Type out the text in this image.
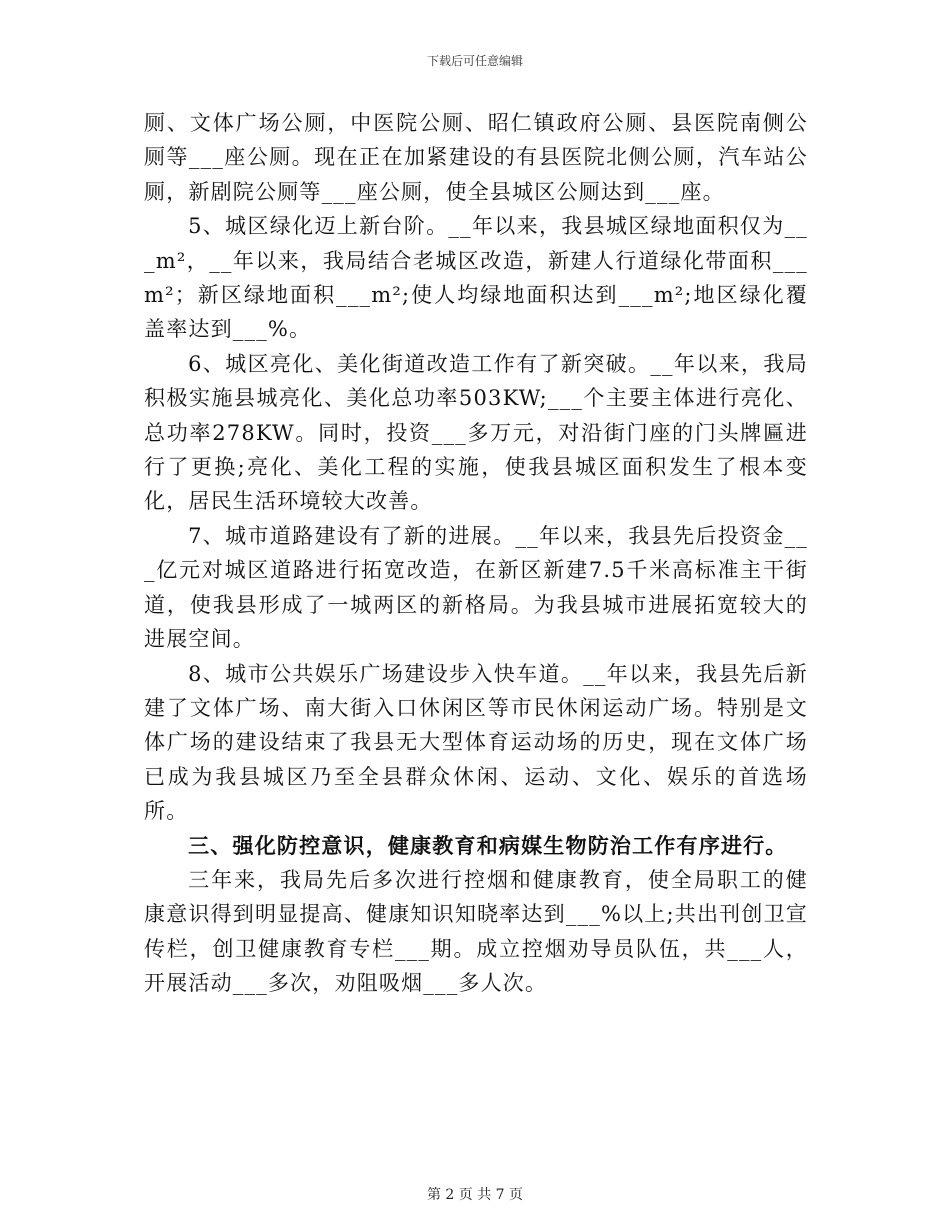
下载后可任意编辑

厕、文体广场公厕，中医院公厕、昭仁镇政府公厕、县医院南侧公厕等___座公厕。现在正在加紧建设的有县医院北侧公厕，汽车站公厕，新剧院公厕等___座公厕，使全县城区公厕达到___座。

5、城区绿化迈上新台阶。__年以来，我县城区绿地面积仅为___m²，__年以来，我局结合老城区改造，新建人行道绿化带面积___m²；新区绿地面积___m²;使人均绿地面积达到___m²;地区绿化覆盖率达到___%。

6、城区亮化、美化街道改造工作有了新突破。__年以来，我局积极实施县城亮化、美化总功率503KW;___个主要主体进行亮化、总功率278KW。同时，投资___多万元，对沿街门座的门头牌匾进行了更换;亮化、美化工程的实施，使我县城区面积发生了根本变化，居民生活环境较大改善。

7、城市道路建设有了新的进展。__年以来，我县先后投资金___亿元对城区道路进行拓宽改造，在新区新建7.5千米高标准主干街道，使我县形成了一城两区的新格局。为我县城市进展拓宽较大的进展空间。

8、城市公共娱乐广场建设步入快车道。__年以来，我县先后新建了文体广场、南大街入口休闲区等市民休闲运动广场。特别是文体广场的建设结束了我县无大型体育运动场的历史，现在文体广场已成为我县城区乃至全县群众休闲、运动、文化、娱乐的首选场所。

三、强化防控意识，健康教育和病媒生物防治工作有序进行。

三年来，我局先后多次进行控烟和健康教育，使全局职工的健康意识得到明显提高、健康知识知晓率达到___%以上;共出刊创卫宣传栏，创卫健康教育专栏___期。成立控烟劝导员队伍，共___人，开展活动___多次，劝阻吸烟___多人次。

第 2 页 共 7 页
